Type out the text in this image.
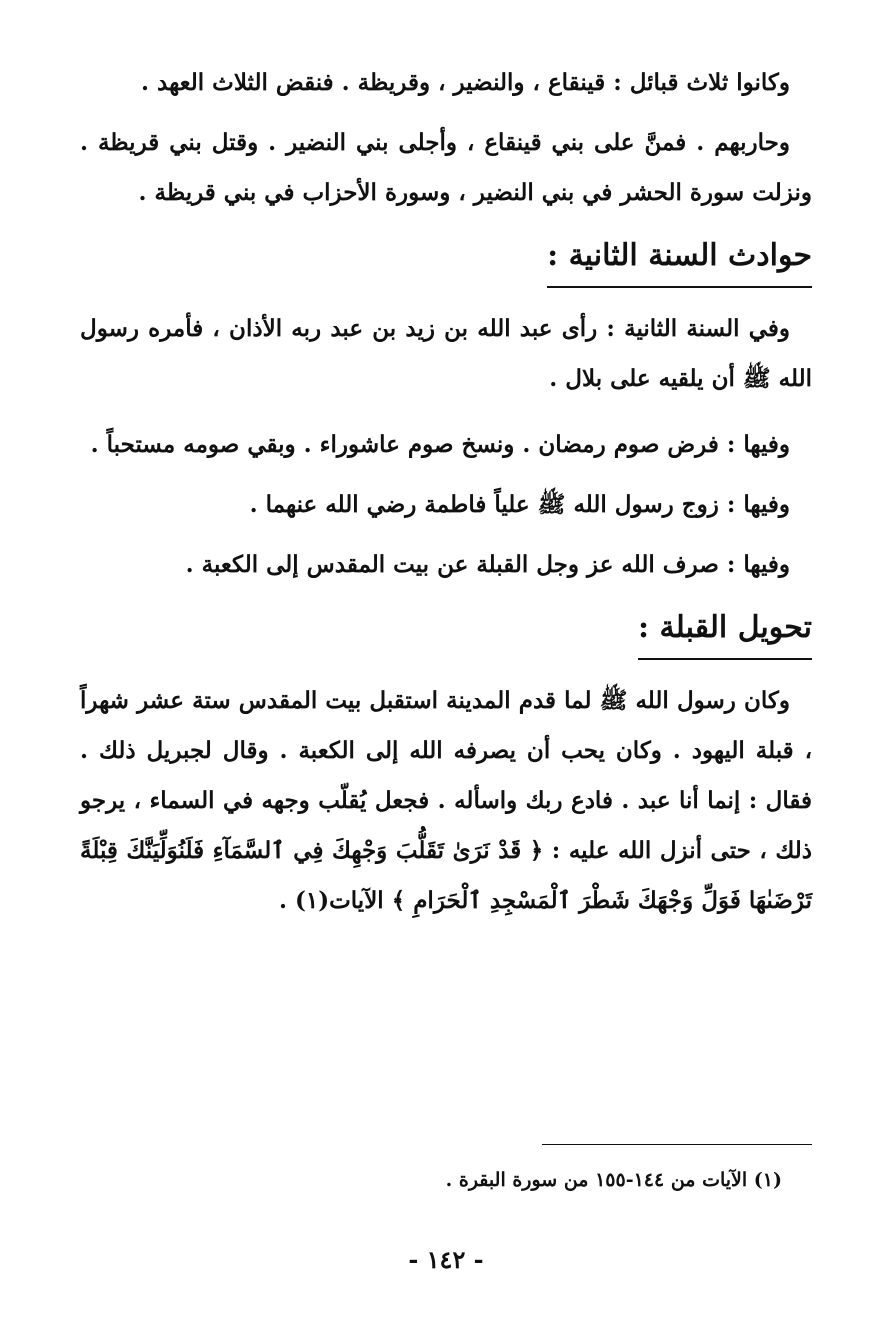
وكانوا ثلاث قبائل : قينقاع ، والنضير ، وقريظة . فنقض الثلاث العهد .

وحاربهم . فمنَّ على بني قينقاع ، وأجلى بني النضير . وقتل بني قريظة . ونزلت سورة الحشر في بني النضير ، وسورة الأحزاب في بني قريظة .

حوادث السنة الثانية :

وفي السنة الثانية : رأى عبد الله بن زيد بن عبد ربه الأذان ، فأمره رسول الله ﷺ أن يلقيه على بلال .

وفيها : فرض صوم رمضان . ونسخ صوم عاشوراء . وبقي صومه مستحباً .

وفيها : زوج رسول الله ﷺ علياً فاطمة رضي الله عنهما .

وفيها : صرف الله عز وجل القبلة عن بيت المقدس إلى الكعبة .

تحويل القبلة :

وكان رسول الله ﷺ لما قدم المدينة استقبل بيت المقدس ستة عشر شهراً ، قبلة اليهود . وكان يحب أن يصرفه الله إلى الكعبة . وقال لجبريل ذلك . فقال : إنما أنا عبد . فادع ربك واسأله . فجعل يُقلّب وجهه في السماء ، يرجو ذلك ، حتى أنزل الله عليه : ﴿ قَدْ نَرَىٰ تَقَلُّبَ وَجْهِكَ فِي ٱلسَّمَآءِ فَلَنُوَلِّيَنَّكَ قِبْلَةً تَرْضَىٰهَا فَوَلِّ وَجْهَكَ شَطْرَ ٱلْمَسْجِدِ ٱلْحَرَامِ ﴾ الآيات(١) .

(١) الآيات من ١٤٤-١٥٥ من سورة البقرة .

- ١٤٢ -
